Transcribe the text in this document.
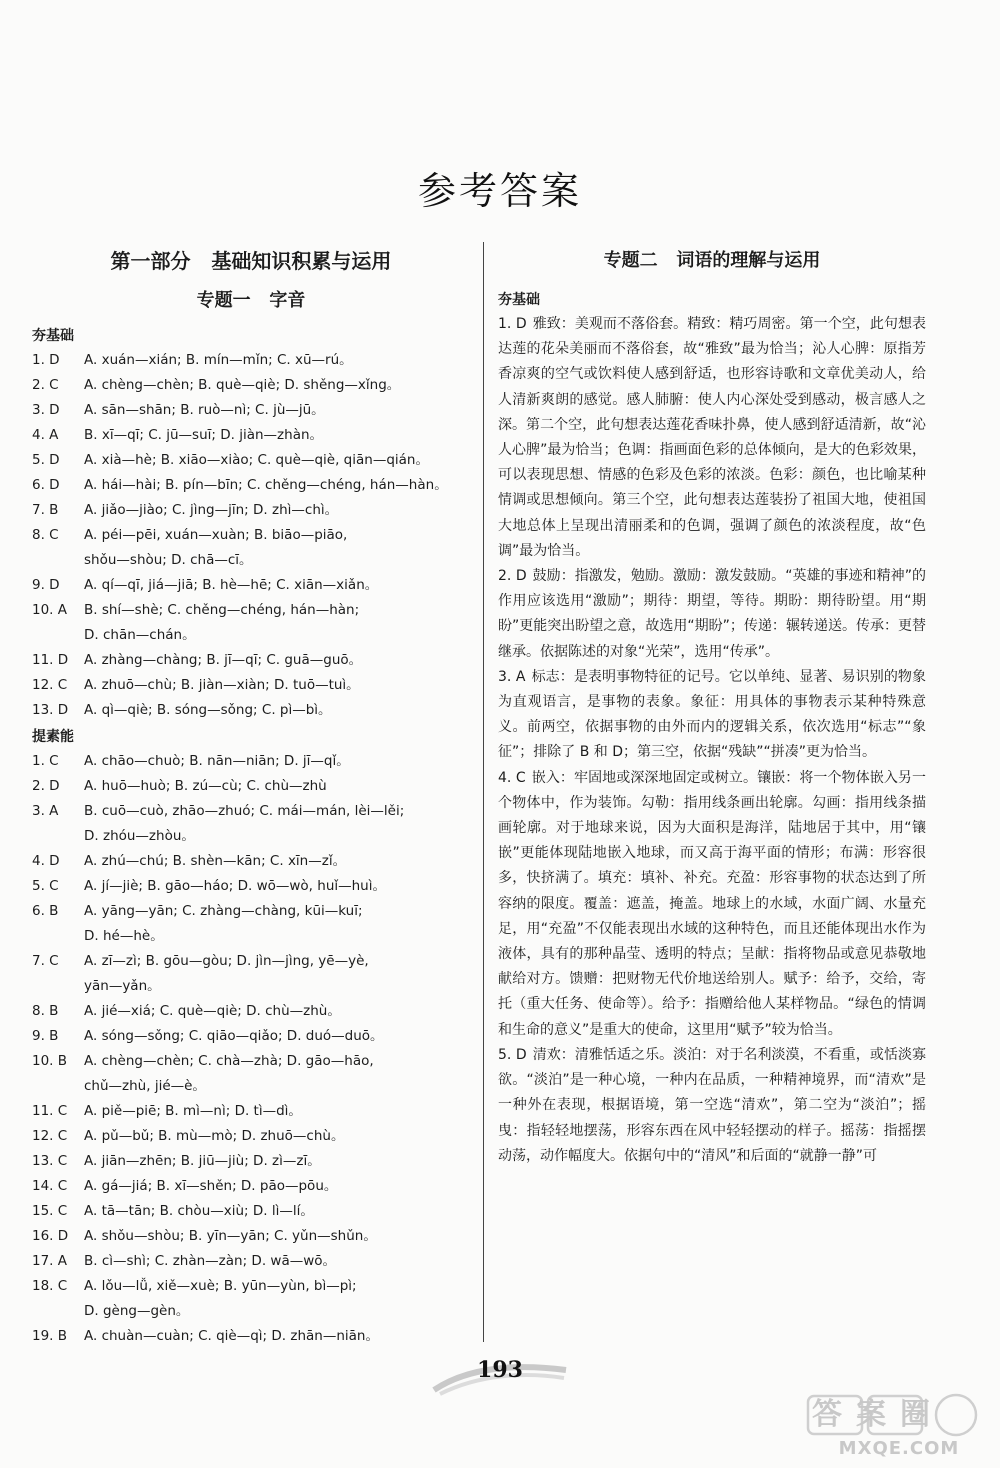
参考答案
第一部分   基础知识积累与运用
专题一   字音
夯基础
1. D A. xuán—xián; B. mín—mǐn; C. xū—rú。
2. C A. chèng—chèn; B. què—qiè; D. shěng—xǐng。
3. D A. sān—shān; B. ruò—nì; C. jù—jū。
4. A B. xī—qī; C. jū—suī; D. jiàn—zhàn。
5. D A. xià—hè; B. xiāo—xiào; C. què—qiè, qiān—qián。
6. D A. hái—hài; B. pín—bīn; C. chěng—chéng, hán—hàn。
7. B A. jiǎo—jiào; C. jìng—jīn; D. zhì—chì。
8. C A. péi—pēi, xuán—xuàn; B. biāo—piāo,
shǒu—shòu; D. chā—cī。
9. D A. qí—qī, jiá—jiā; B. hè—hē; C. xiān—xiǎn。
10. A B. shí—shè; C. chěng—chéng, hán—hàn;
D. chān—chán。
11. D A. zhàng—chàng; B. jī—qī; C. guā—guō。
12. C A. zhuō—chù; B. jiàn—xiàn; D. tuō—tuì。
13. D A. qì—qiè; B. sóng—sǒng; C. pì—bì。
提素能
1. C A. chāo—chuò; B. nān—niān; D. jī—qǐ。
2. D A. huō—huò; B. zú—cù; C. chù—zhù
3. A B. cuō—cuò, zhāo—zhuó; C. mái—mán, lèi—lěi;
D. zhóu—zhòu。
4. D A. zhú—chú; B. shèn—kān; C. xīn—zǐ。
5. C A. jí—jiè; B. gāo—háo; D. wō—wò, huǐ—huì。
6. B A. yāng—yān; C. zhàng—chàng, kūi—kuī;
D. hé—hè。
7. C A. zī—zì; B. gōu—gòu; D. jìn—jìng, yē—yè,
yān—yǎn。
8. B A. jié—xiá; C. què—qiè; D. chù—zhù。
9. B A. sóng—sǒng; C. qiāo—qiǎo; D. duó—duō。
10. B A. chèng—chèn; C. chà—zhà; D. gāo—hāo,
chǔ—zhù, jié—è。
11. C A. piě—piē; B. mì—nì; D. tì—dì。
12. C A. pǔ—bǔ; B. mù—mò; D. zhuō—chù。
13. C A. jiān—zhēn; B. jiū—jiù; D. zì—zī。
14. C A. gá—jiá; B. xī—shěn; D. pāo—pōu。
15. C A. tā—tān; B. chòu—xiù; D. lì—lí。
16. D A. shǒu—shòu; B. yīn—yān; C. yǔn—shǔn。
17. A B. cì—shì; C. zhàn—zàn; D. wā—wō。
18. C A. lǒu—lǚ, xiě—xuè; B. yūn—yùn, bì—pì;
D. gèng—gèn。
19. B A. chuàn—cuàn; C. qiè—qì; D. zhān—niān。
专题二   词语的理解与运用
夯基础
1. D 雅致：美观而不落俗套。精致：精巧周密。第一个空，此句想表达莲的花朵美丽而不落俗套，故“雅致”最为恰当；沁人心脾：原指芳香凉爽的空气或饮料使人感到舒适，也形容诗歌和文章优美动人，给人清新爽朗的感觉。感人肺腑：使人内心深处受到感动，极言感人之深。第二个空，此句想表达莲花香味扑鼻，使人感到舒适清新，故“沁人心脾”最为恰当；色调：指画面色彩的总体倾向，是大的色彩效果，可以表现思想、情感的色彩及色彩的浓淡。色彩：颜色，也比喻某种情调或思想倾向。第三个空，此句想表达莲装扮了祖国大地，使祖国大地总体上呈现出清丽柔和的色调，强调了颜色的浓淡程度，故“色调”最为恰当。
2. D 鼓励：指激发，勉励。激励：激发鼓励。“英雄的事迹和精神”的作用应该选用“激励”；期待：期望，等待。期盼：期待盼望。用“期盼”更能突出盼望之意，故选用“期盼”；传递：辗转递送。传承：更替继承。依据陈述的对象“光荣”，选用“传承”。
3. A 标志：是表明事物特征的记号。它以单纯、显著、易识别的物象为直观语言，是事物的表象。象征：用具体的事物表示某种特殊意义。前两空，依据事物的由外而内的逻辑关系，依次选用“标志”“象征”；排除了 B 和 D；第三空，依据“残缺”“拼凑”更为恰当。
4. C 嵌入：牢固地或深深地固定或树立。镶嵌：将一个物体嵌入另一个物体中，作为装饰。勾勒：指用线条画出轮廓。勾画：指用线条描画轮廓。对于地球来说，因为大面积是海洋，陆地居于其中，用“镶嵌”更能体现陆地嵌入地球，而又高于海平面的情形；布满：形容很多，快挤满了。填充：填补、补充。充盈：形容事物的状态达到了所容纳的限度。覆盖：遮盖，掩盖。地球上的水域，水面广阔、水量充足，用“充盈”不仅能表现出水域的这种特色，而且还能体现出水作为液体，具有的那种晶莹、透明的特点；呈献：指将物品或意见恭敬地献给对方。馈赠：把财物无代价地送给别人。赋予：给予，交给，寄托（重大任务、使命等）。给予：指赠给他人某样物品。“绿色的情调和生命的意义”是重大的使命，这里用“赋予”较为恰当。
5. D 清欢：清雅恬适之乐。淡泊：对于名利淡漠，不看重，或恬淡寡欲。“淡泊”是一种心境，一种内在品质，一种精神境界，而“清欢”是一种外在表现，根据语境，第一空选“清欢”，第二空为“淡泊”；摇曳：指轻轻地摆荡，形容东西在风中轻轻摆动的样子。摇荡：指摇摆动荡，动作幅度大。依据句中的“清风”和后面的“就静一静”可
193
答案圈
MXQE.COM
